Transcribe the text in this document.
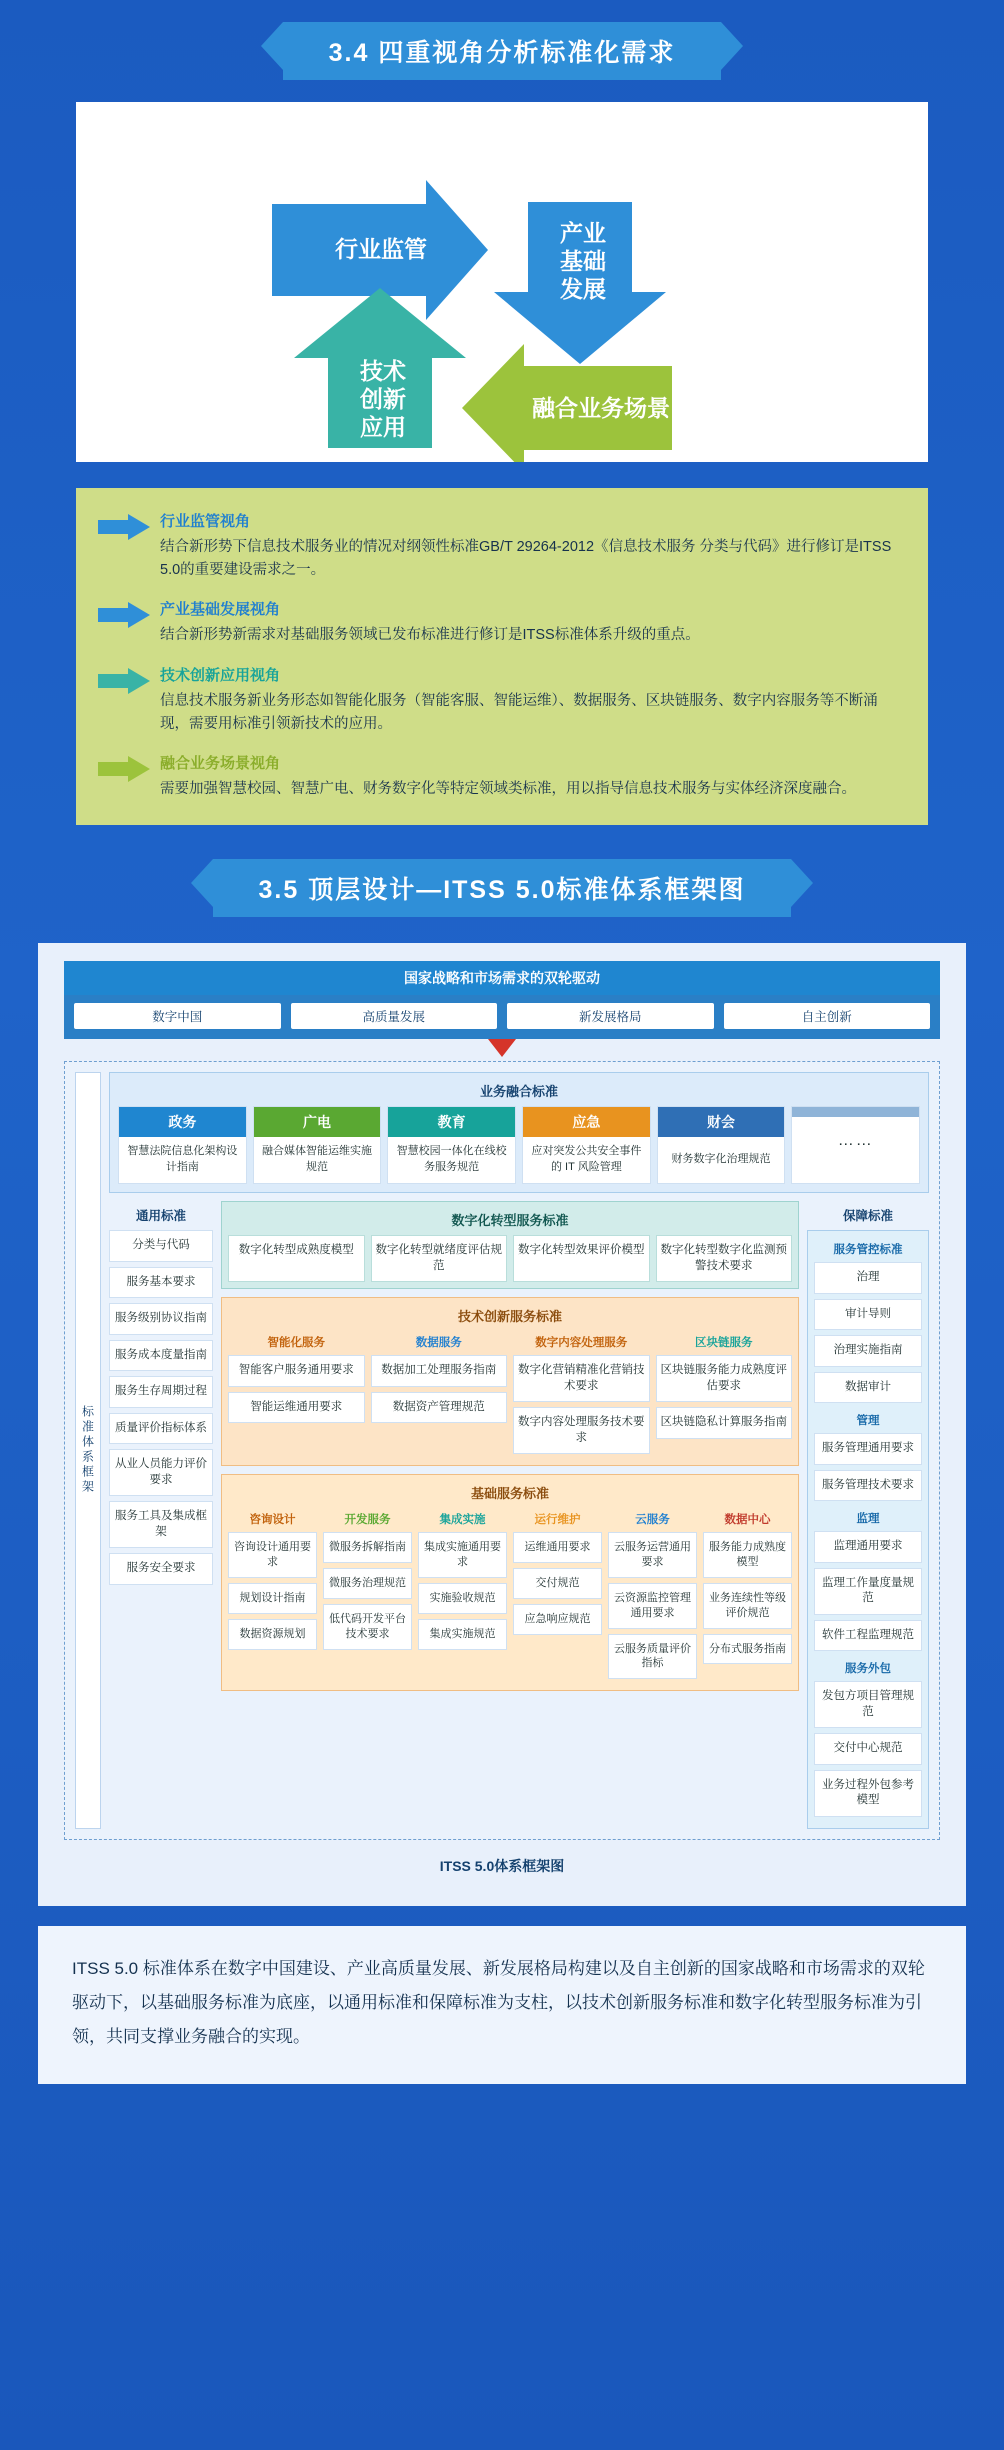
3.4 四重视角分析标准化需求
行业监管
产业
基础
发展
融合业务场景
技术
创新
应用
行业监管视角
结合新形势下信息技术服务业的情况对纲领性标准GB/T 29264-2012《信息技术服务 分类与代码》进行修订是ITSS 5.0的重要建设需求之一。
产业基础发展视角
结合新形势新需求对基础服务领域已发布标准进行修订是ITSS标准体系升级的重点。
技术创新应用视角
信息技术服务新业务形态如智能化服务（智能客服、智能运维）、数据服务、区块链服务、数字内容服务等不断涌现，需要用标准引领新技术的应用。
融合业务场景视角
需要加强智慧校园、智慧广电、财务数字化等特定领域类标准，用以指导信息技术服务与实体经济深度融合。
3.5 顶层设计—ITSS 5.0标准体系框架图
国家战略和市场需求的双轮驱动
数字中国	高质量发展	新发展格局	自主创新
标准体系框架
业务融合标准
政务
智慧法院信息化架构设计指南
广电
融合媒体智能运维实施规范
教育
智慧校园一体化在线校务服务规范
应急
应对突发公共安全事件的 IT 风险管理
财会
财务数字化治理规范
……
通用标准
分类与代码
服务基本要求
服务级别协议指南
服务成本度量指南
服务生存周期过程
质量评价指标体系
从业人员能力评价要求
服务工具及集成框架
服务安全要求
数字化转型服务标准
数字化转型成熟度模型	数字化转型就绪度评估规范
数字化转型效果评价模型	数字化转型数字化监测预警技术要求
技术创新服务标准
智能化服务
智能客户服务通用要求
智能运维通用要求
数据服务
数据加工处理服务指南
数据资产管理规范
数字内容处理服务
数字化营销精准化营销技术要求
数字内容处理服务技术要求
区块链服务
区块链服务能力成熟度评估要求
区块链隐私计算服务指南
基础服务标准
咨询设计
咨询设计通用要求
规划设计指南
数据资源规划
开发服务
微服务拆解指南
微服务治理规范
低代码开发平台技术要求
集成实施
集成实施通用要求
实施验收规范
集成实施规范
运行维护
运维通用要求
交付规范
应急响应规范
云服务
云服务运营通用要求
云资源监控管理通用要求
云服务质量评价指标
数据中心
服务能力成熟度模型
业务连续性等级评价规范
分布式服务指南
保障标准
服务管控标准
治理
审计导则
治理实施指南
数据审计
管理
服务管理通用要求
服务管理技术要求
监理
监理通用要求
监理工作量度量规范
软件工程监理规范
服务外包
发包方项目管理规范
交付中心规范
业务过程外包参考模型
ITSS 5.0体系框架图
ITSS 5.0 标准体系在数字中国建设、产业高质量发展、新发展格局构建以及自主创新的国家战略和市场需求的双轮驱动下，以基础服务标准为底座，以通用标准和保障标准为支柱，以技术创新服务标准和数字化转型服务标准为引领，共同支撑业务融合的实现。
